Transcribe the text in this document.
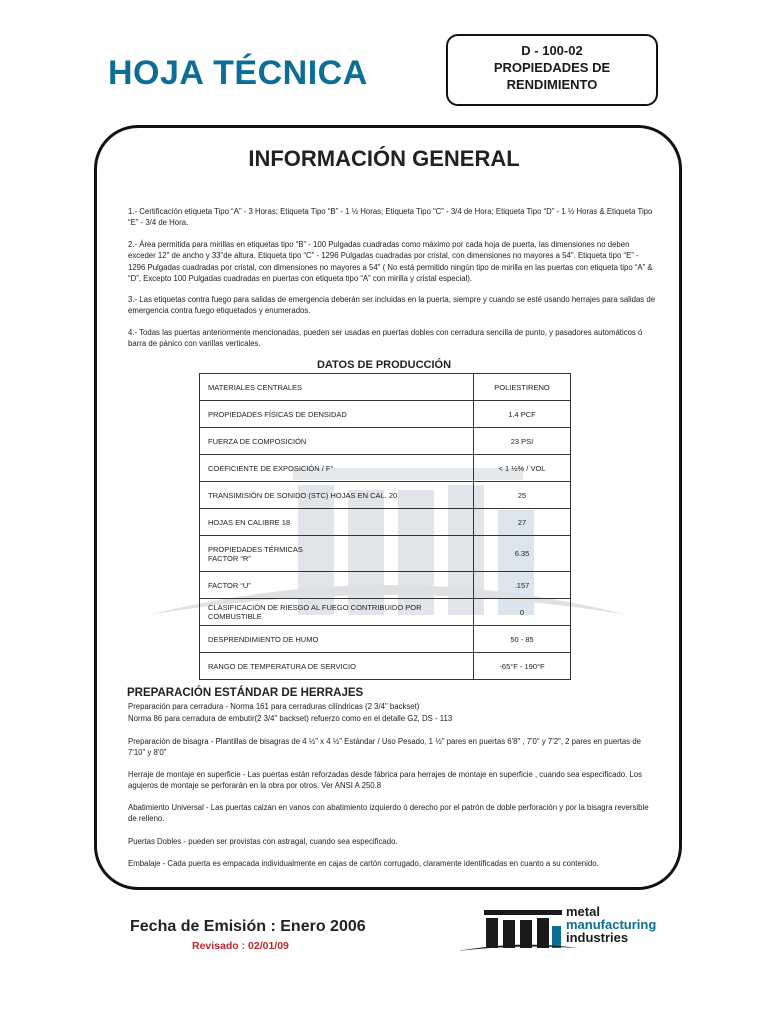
HOJA TÉCNICA
D - 100-02
PROPIEDADES DE
RENDIMIENTO
INFORMACIÓN GENERAL
1.- Certificación etiqueta Tipo “A” - 3 Horas; Etiqueta Tipo “B” - 1 ½ Horas; Etiqueta Tipo “C” - 3/4 de Hora; Etiqueta Tipo “D” - 1 ½ Horas & Etiqueta Tipo “E” - 3/4 de Hora.
2.- Área permitida para mirillas en etiquetas tipo “B” - 100 Pulgadas cuadradas como máximo por cada hoja de puerta, las dimensiones no deben exceder 12" de ancho y 33"de altura. Etiqueta tipo “C” - 1296 Pulgadas cuadradas por cristal, con dimensiones no mayores a 54". Etiqueta tipo “E” - 1296 Pulgadas cuadradas por cristal, con dimensiones no mayores a 54" ( No está permitido ningún tipo de mirilla en las puertas con etiqueta tipo “A” & “D”, Excepto 100 Pulgadas cuadradas en puertas con etiqueta tipo “A” con mirilla y cristal especial).
3.- Las etiquetas contra fuego para salidas de emergencia deberán ser incluidas en la puerta, siempre y cuando se esté usando herrajes para salidas de emergencia contra fuego etiquetados y enumerados.
4.- Todas las puertas anteriormente mencionadas, pueden ser usadas en puertas dobles con cerradura sencilla de punto, y pasadores automáticos ó barra de pánico con varillas verticales.
DATOS DE PRODUCCIÓN
MATERIALES CENTRALES	POLIESTIRENO
PROPIEDADES FÍSICAS DE DENSIDAD	1.4 PCF
FUERZA DE COMPOSICIÓN	23 PSI
COEFICIENTE DE EXPOSICIÓN / F°	< 1 ½% / VOL
TRANSIMISIÓN DE SONIDO (STC) HOJAS EN CAL. 20	25
HOJAS EN CALIBRE 18	27

PROPIEDADES TÉRMICAS
FACTOR “R”	6.35
FACTOR “U”	.157
CLASIFICACIÓN DE RIESGO AL FUEGO CONTRIBUIDO POR COMBUSTIBLE	0
DESPRENDIMIENTO DE HUMO	50 - 85
RANGO DE TEMPERATURA DE SERVICIO	-65°F - 190°F
PREPARACIÓN ESTÁNDAR DE HERRAJES
Preparación para cerradura - Norma 161 para cerraduras cilíndricas (2 3/4" backset)
Norma 86 para cerradura de embutir(2 3/4" backset) refuerzo como en el detalle G2, DS - 113
Preparación de bisagra - Plantillas de bisagras de 4 ½" x 4 ½" Estándar / Uso Pesado, 1 ½" pares en puertas 6'8" , 7'0" y 7'2", 2 pares en puertas de 7'10" y 8'0"
Herraje de montaje en superficie - Las puertas están reforzadas desde fábrica para herrajes de montaje en superficie , cuando sea especificado. Los agujeros de montaje se perforarán en la obra por otros. Ver ANSI A 250.8
Abatimiento Universal - Las puertas calzan en vanos con abatimiento izquierdo ó derecho por el patrón de doble perforación y por la bisagra reversible de relleno.
Puertas Dobles - pueden ser provistas con astragal, cuando sea especificado.
Embalaje - Cada puerta es empacada individualmente en cajas de cartón corrugado, claramente identificadas en cuanto a su contenido.
Fecha de Emisión : Enero 2006
Revisado : 02/01/09
metal
manufacturing
industries
